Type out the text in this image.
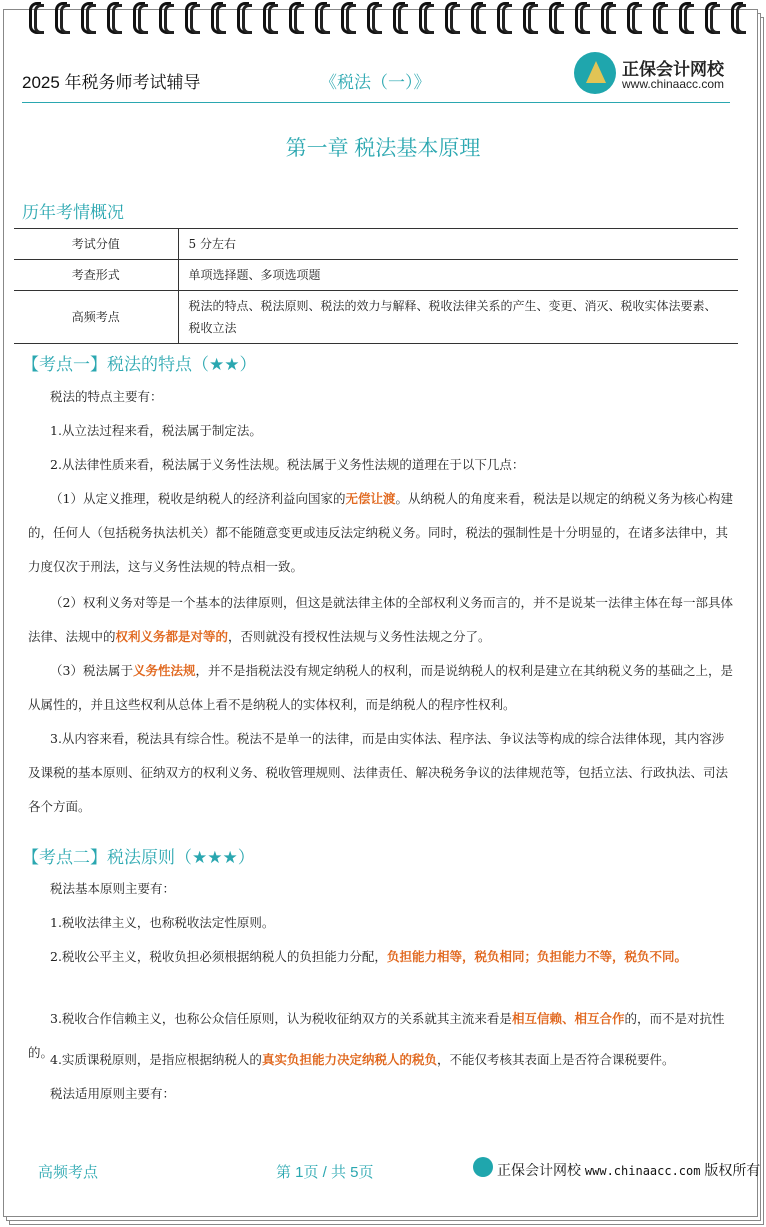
2025 年税务师考试辅导	《税法（一）》
正保会计网校
www.chinaacc.com
第一章 税法基本原理
历年考情概况
考试分值	5 分左右
考查形式	单项选择题、多项选项题
高频考点	税法的特点、税法原则、税法的效力与解释、税收法律关系的产生、变更、消灭、税收实体法要素、税收立法
【考点一】税法的特点（★★）
税法的特点主要有：
1.从立法过程来看，税法属于制定法。
2.从法律性质来看，税法属于义务性法规。税法属于义务性法规的道理在于以下几点：
（1）从定义推理，税收是纳税人的经济利益向国家的无偿让渡。从纳税人的角度来看，税法是以规定的纳税义务为核心构建的，任何人（包括税务执法机关）都不能随意变更或违反法定纳税义务。同时，税法的强制性是十分明显的，在诸多法律中，其力度仅次于刑法，这与义务性法规的特点相一致。
（2）权利义务对等是一个基本的法律原则，但这是就法律主体的全部权利义务而言的，并不是说某一法律主体在每一部具体法律、法规中的权利义务都是对等的，否则就没有授权性法规与义务性法规之分了。
（3）税法属于义务性法规，并不是指税法没有规定纳税人的权利，而是说纳税人的权利是建立在其纳税义务的基础之上，是从属性的，并且这些权利从总体上看不是纳税人的实体权利，而是纳税人的程序性权利。
3.从内容来看，税法具有综合性。税法不是单一的法律，而是由实体法、程序法、争议法等构成的综合法律体现，其内容涉及课税的基本原则、征纳双方的权利义务、税收管理规则、法律责任、解决税务争议的法律规范等，包括立法、行政执法、司法各个方面。
【考点二】税法原则（★★★）
税法基本原则主要有：
1.税收法律主义，也称税收法定性原则。
2.税收公平主义，税收负担必须根据纳税人的负担能力分配，负担能力相等，税负相同；负担能力不等，税负不同。
3.税收合作信赖主义，也称公众信任原则，认为税收征纳双方的关系就其主流来看是相互信赖、相互合作的，而不是对抗性的。
4.实质课税原则，是指应根据纳税人的真实负担能力决定纳税人的税负，不能仅考核其表面上是否符合课税要件。
税法适用原则主要有：
高频考点	第 1页 / 共 5页	正保会计网校 www.chinaacc.com 版权所有
